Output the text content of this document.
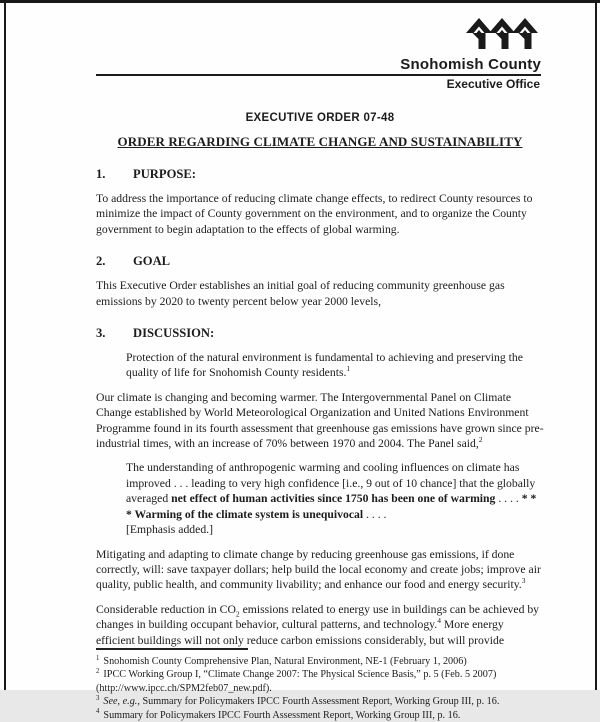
Snohomish County
Executive Office
EXECUTIVE ORDER 07-48
ORDER REGARDING CLIMATE CHANGE AND SUSTAINABILITY
1.	PURPOSE:

To address the importance of reducing climate change effects, to redirect County resources to minimize the impact of County government on the environment, and to organize the County government to begin adaptation to the effects of global warming.

2.	GOAL

This Executive Order establishes an initial goal of reducing community greenhouse gas emissions by 2020 to twenty percent below year 2000 levels,

3.	DISCUSSION:

Protection of the natural environment is fundamental to achieving and preserving the quality of life for Snohomish County residents.$^1$

Our climate is changing and becoming warmer. The Intergovernmental Panel on Climate Change established by World Meteorological Organization and United Nations Environment Programme found in its fourth assessment that greenhouse gas emissions have grown since pre-industrial times, with an increase of 70% between 1970 and 2004. The Panel said,$^2$

The understanding of anthropogenic warming and cooling influences on climate has improved . . . leading to very high confidence [i.e., 9 out of 10 chance] that the globally averaged net effect of human activities since 1750 has been one of warming . . . . * * * Warming of the climate system is unequivocal . . . .
[Emphasis added.]

Mitigating and adapting to climate change by reducing greenhouse gas emissions, if done correctly, will: save taxpayer dollars; help build the local economy and create jobs; improve air quality, public health, and community livability; and enhance our food and energy security.$^3$

Considerable reduction in $CO_2$ emissions related to energy use in buildings can be achieved by changes in building occupant behavior, cultural patterns, and technology.$^4$ More energy efficient buildings will not only reduce carbon emissions considerably, but will provide

$^1$ Snohomish County Comprehensive Plan, Natural Environment, NE-1 (February 1, 2006)
$^2$ IPCC Working Group I, “Climate Change 2007: The Physical Science Basis,” p. 5 (Feb. 5 2007)
(http://www.ipcc.ch/SPM2feb07_new.pdf).
$^3$ See, e.g., Summary for Policymakers IPCC Fourth Assessment Report, Working Group III, p. 16.
$^4$ Summary for Policymakers IPCC Fourth Assessment Report, Working Group III, p. 16.
